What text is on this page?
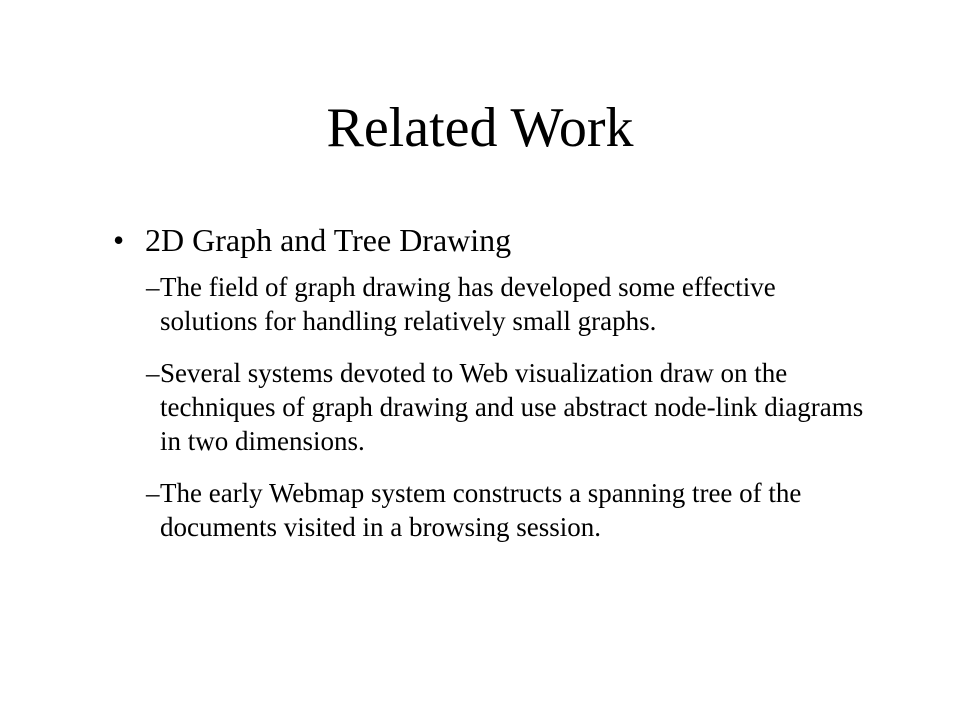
Related Work
• 2D Graph and Tree Drawing
– The field of graph drawing has developed some effective solutions for handling relatively small graphs.
– Several systems devoted to Web visualization draw on the techniques of graph drawing and use abstract node-link diagrams in two dimensions.
– The early Webmap system constructs a spanning tree of the documents visited in a browsing session.
